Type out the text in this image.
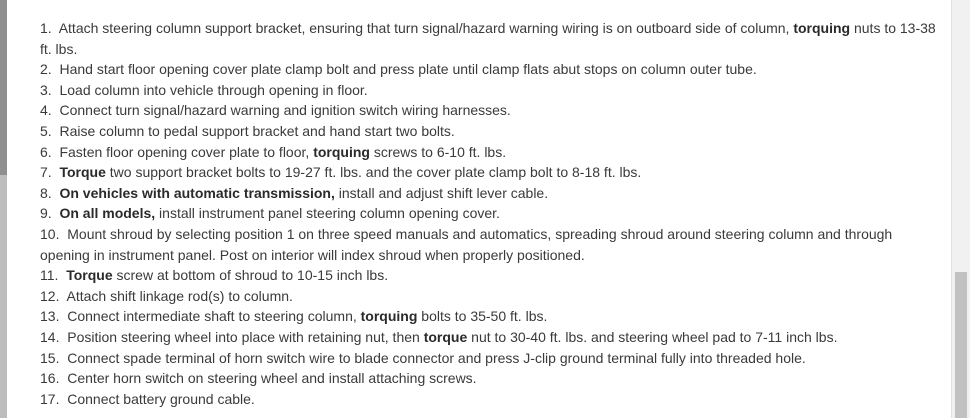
1. Attach steering column support bracket, ensuring that turn signal/hazard warning wiring is on outboard side of column, torquing nuts to 13-38 ft. lbs.

2. Hand start floor opening cover plate clamp bolt and press plate until clamp flats abut stops on column outer tube.

3. Load column into vehicle through opening in floor.

4. Connect turn signal/hazard warning and ignition switch wiring harnesses.

5. Raise column to pedal support bracket and hand start two bolts.

6. Fasten floor opening cover plate to floor, torquing screws to 6-10 ft. lbs.

7. Torque two support bracket bolts to 19-27 ft. lbs. and the cover plate clamp bolt to 8-18 ft. lbs.

8. On vehicles with automatic transmission, install and adjust shift lever cable.

9. On all models, install instrument panel steering column opening cover.

10. Mount shroud by selecting position 1 on three speed manuals and automatics, spreading shroud around steering column and through opening in instrument panel. Post on interior will index shroud when properly positioned.

11. Torque screw at bottom of shroud to 10-15 inch lbs.

12. Attach shift linkage rod(s) to column.

13. Connect intermediate shaft to steering column, torquing bolts to 35-50 ft. lbs.

14. Position steering wheel into place with retaining nut, then torque nut to 30-40 ft. lbs. and steering wheel pad to 7-11 inch lbs.

15. Connect spade terminal of horn switch wire to blade connector and press J-clip ground terminal fully into threaded hole.

16. Center horn switch on steering wheel and install attaching screws.

17. Connect battery ground cable.
